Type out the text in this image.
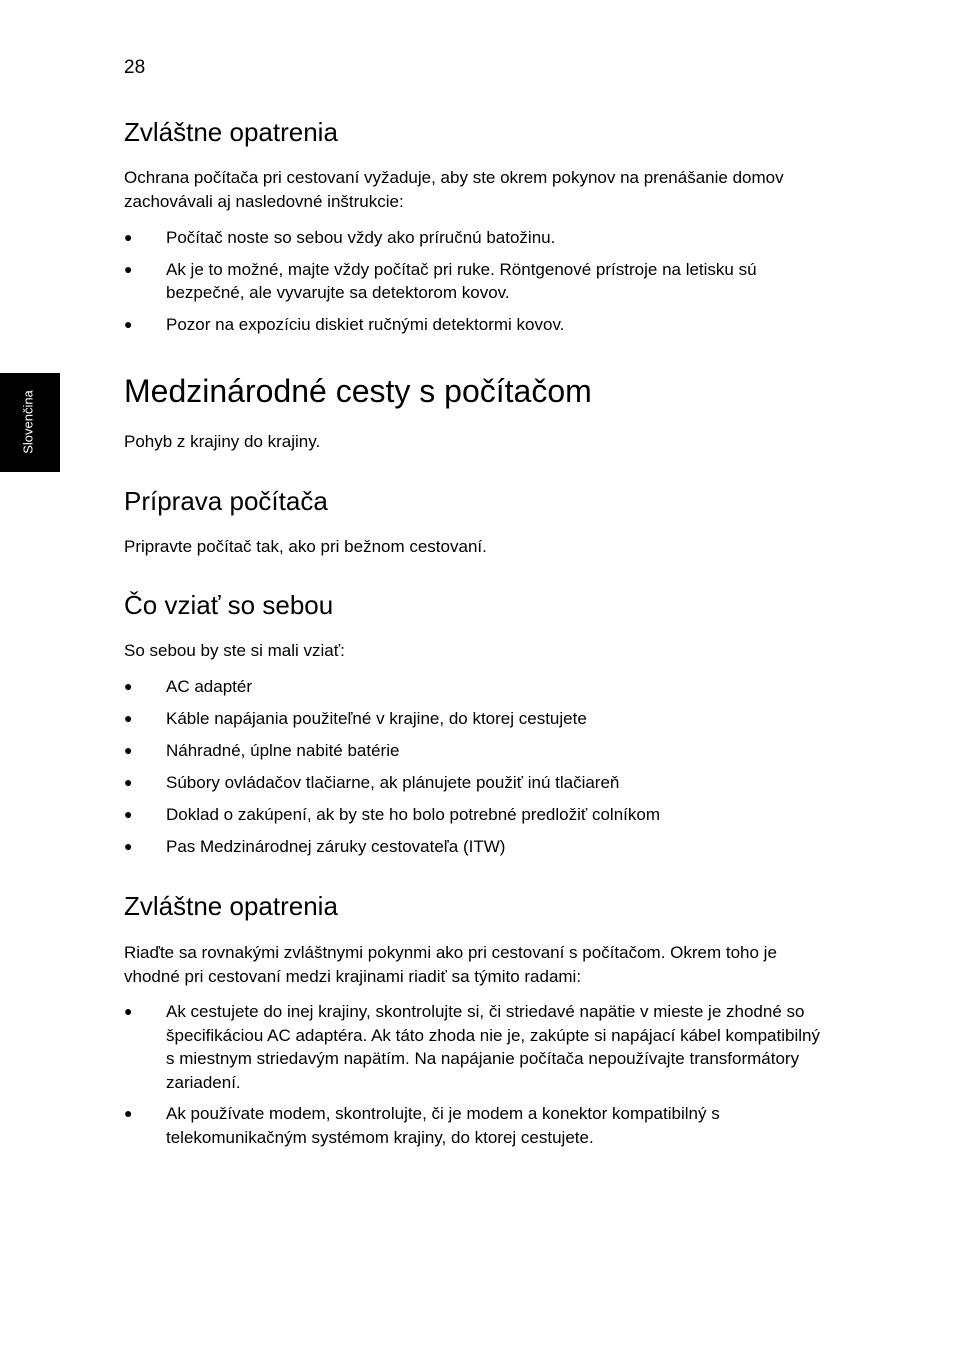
28
Slovenčina
Zvláštne opatrenia

Ochrana počítača pri cestovaní vyžaduje, aby ste okrem pokynov na prenášanie domov zachovávali aj nasledovné inštrukcie:

● Počítač noste so sebou vždy ako príručnú batožinu.
● Ak je to možné, majte vždy počítač pri ruke. Röntgenové prístroje na letisku sú bezpečné, ale vyvarujte sa detektorom kovov.
● Pozor na expozíciu diskiet ručnými detektormi kovov.
Medzinárodné cesty s počítačom

Pohyb z krajiny do krajiny.

Príprava počítača

Pripravte počítač tak, ako pri bežnom cestovaní.

Čo vziať so sebou

So sebou by ste si mali vziať:

● AC adaptér
● Káble napájania použiteľné v krajine, do ktorej cestujete
● Náhradné, úplne nabité batérie
● Súbory ovládačov tlačiarne, ak plánujete použiť inú tlačiareň
● Doklad o zakúpení, ak by ste ho bolo potrebné predložiť colníkom
● Pas Medzinárodnej záruky cestovateľa (ITW)
Zvláštne opatrenia

Riaďte sa rovnakými zvláštnymi pokynmi ako pri cestovaní s počítačom. Okrem toho je vhodné pri cestovaní medzi krajinami riadiť sa týmito radami:

● Ak cestujete do inej krajiny, skontrolujte si, či striedavé napätie v mieste je zhodné so špecifikáciou AC adaptéra. Ak táto zhoda nie je, zakúpte si napájací kábel kompatibilný s miestnym striedavým napätím. Na napájanie počítača nepoužívajte transformátory zariadení.
● Ak používate modem, skontrolujte, či je modem a konektor kompatibilný s telekomunikačným systémom krajiny, do ktorej cestujete.
